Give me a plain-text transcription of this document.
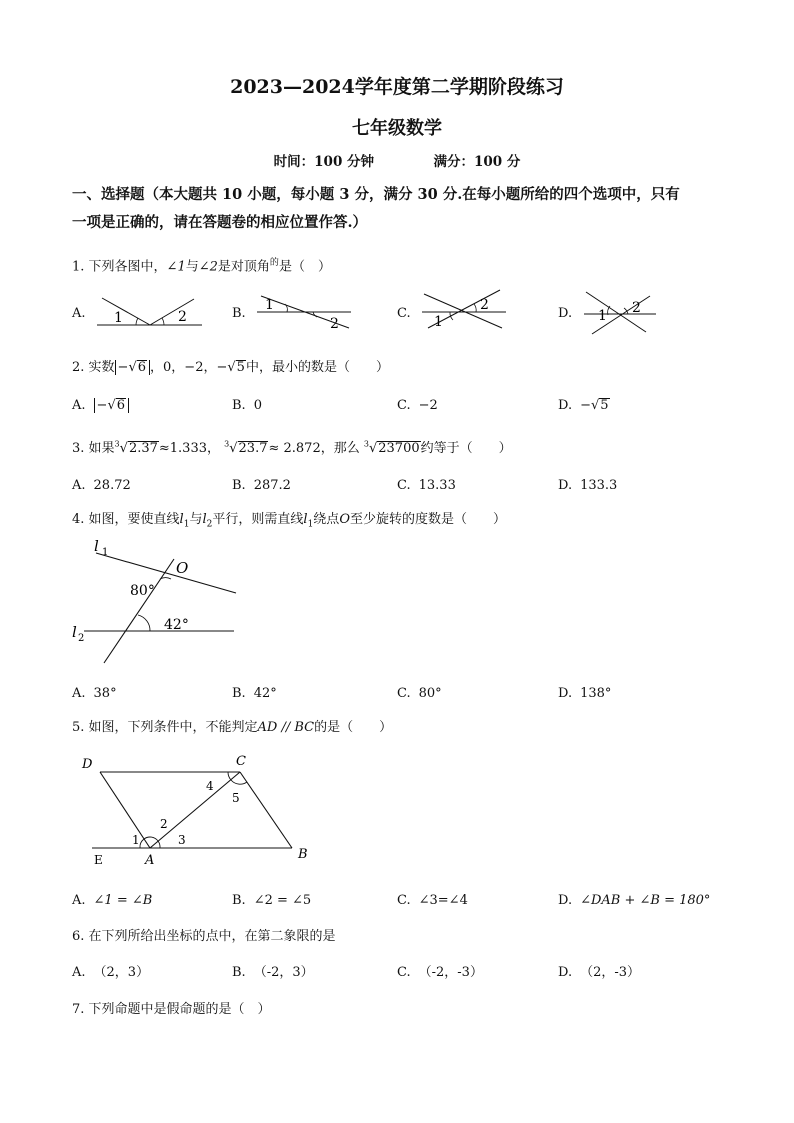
2023—2024学年度第二学期阶段练习
七年级数学
时间：100 分钟	满分：100 分
一、选择题（本大题共 10 小题，每小题 3 分，满分 30 分.在每小题所给的四个选项中，只有
一项是正确的，请在答题卷的相应位置作答.）
1. 下列各图中，∠1与∠2是对顶角$^的$是（　）
A. 1	2	B.
1
2
C.
1
2
D. 1 2
2. 实数 −√6 ，0，−2，−√5中，最小的数是（　　）
A. −√6	B. 0	C. −2	D. −√5
3. 如果$^3$√2.37≈1.333， $^3$√23.7≈ 2.872，那么 $^3$√23700约等于（　　）
A. 28.72	B. 287.2	C. 13.33	D. 133.3
4. 如图，要使直线$l_1$与$l_2$平行，则需直线$l_1$绕点O至少旋转的度数是（　　）
l 1
l 2
O
80°
42°
A. 38°	B. 42°	C. 80°	D. 138°
5. 如图，下列条件中，不能判定AD // BC的是（　　）
D	C
E	A	B
1
2
3
4
5
A. ∠1 = ∠B	B. ∠2 = ∠5	C. ∠3=∠4	D. ∠DAB + ∠B = 180°
6. 在下列所给出坐标的点中，在第二象限的是
A. （2，3）	B. （-2，3）	C. （-2，-3）	D. （2，-3）
7. 下列命题中是假命题的是（　）
